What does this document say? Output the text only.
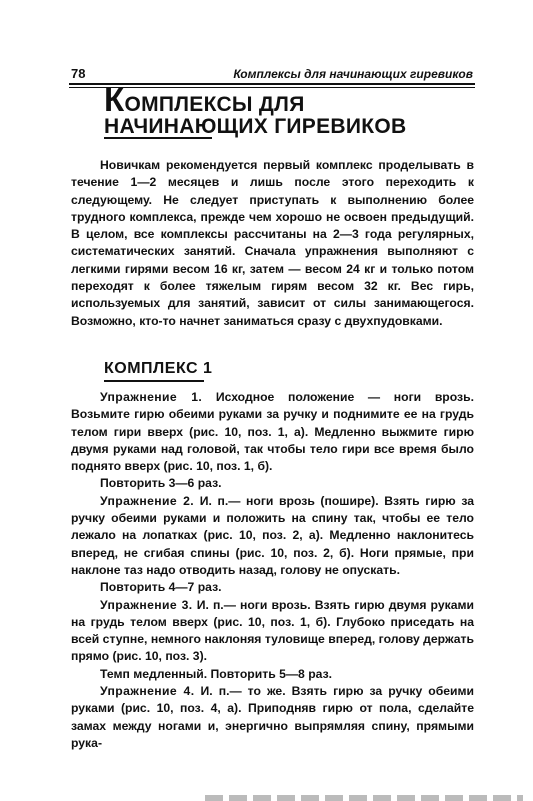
78	Комплексы для начинающих гиревиков
КОМПЛЕКСЫ ДЛЯ НАЧИНАЮЩИХ ГИРЕВИКОВ

Новичкам рекомендуется первый комплекс проделывать в течение 1—2 месяцев и лишь после этого переходить к следующему. Не следует приступать к выполнению более трудного комплекса, прежде чем хорошо не освоен предыдущий. В целом, все комплексы рассчитаны на 2—3 года регулярных, систематических занятий. Сначала упражнения выполняют с легкими гирями весом 16 кг, затем — весом 24 кг и только потом переходят к более тяжелым гирям весом 32 кг. Вес гирь, используемых для занятий, зависит от силы занимающегося. Возможно, кто-то начнет заниматься сразу с двухпудовками.

КОМПЛЕКС 1

Упражнение 1. Исходное положение — ноги врозь. Возьмите гирю обеими руками за ручку и поднимите ее на грудь телом гири вверх (рис. 10, поз. 1, а). Медленно выжмите гирю двумя руками над головой, так чтобы тело гири все время было поднято вверх (рис. 10, поз. 1, б).

Повторить 3—6 раз.

Упражнение 2. И. п.— ноги врозь (пошире). Взять гирю за ручку обеими руками и положить на спину так, чтобы ее тело лежало на лопатках (рис. 10, поз. 2, а). Медленно наклонитесь вперед, не сгибая спины (рис. 10, поз. 2, б). Ноги прямые, при наклоне таз надо отводить назад, голову не опускать.

Повторить 4—7 раз.

Упражнение 3. И. п.— ноги врозь. Взять гирю двумя руками на грудь телом вверх (рис. 10, поз. 1, б). Глубоко приседать на всей ступне, немного наклоняя туловище вперед, голову держать прямо (рис. 10, поз. 3).

Темп медленный. Повторить 5—8 раз.

Упражнение 4. И. п.— то же. Взять гирю за ручку обеими руками (рис. 10, поз. 4, а). Приподняв гирю от пола, сделайте замах между ногами и, энергично выпрямляя спину, прямыми рука-
